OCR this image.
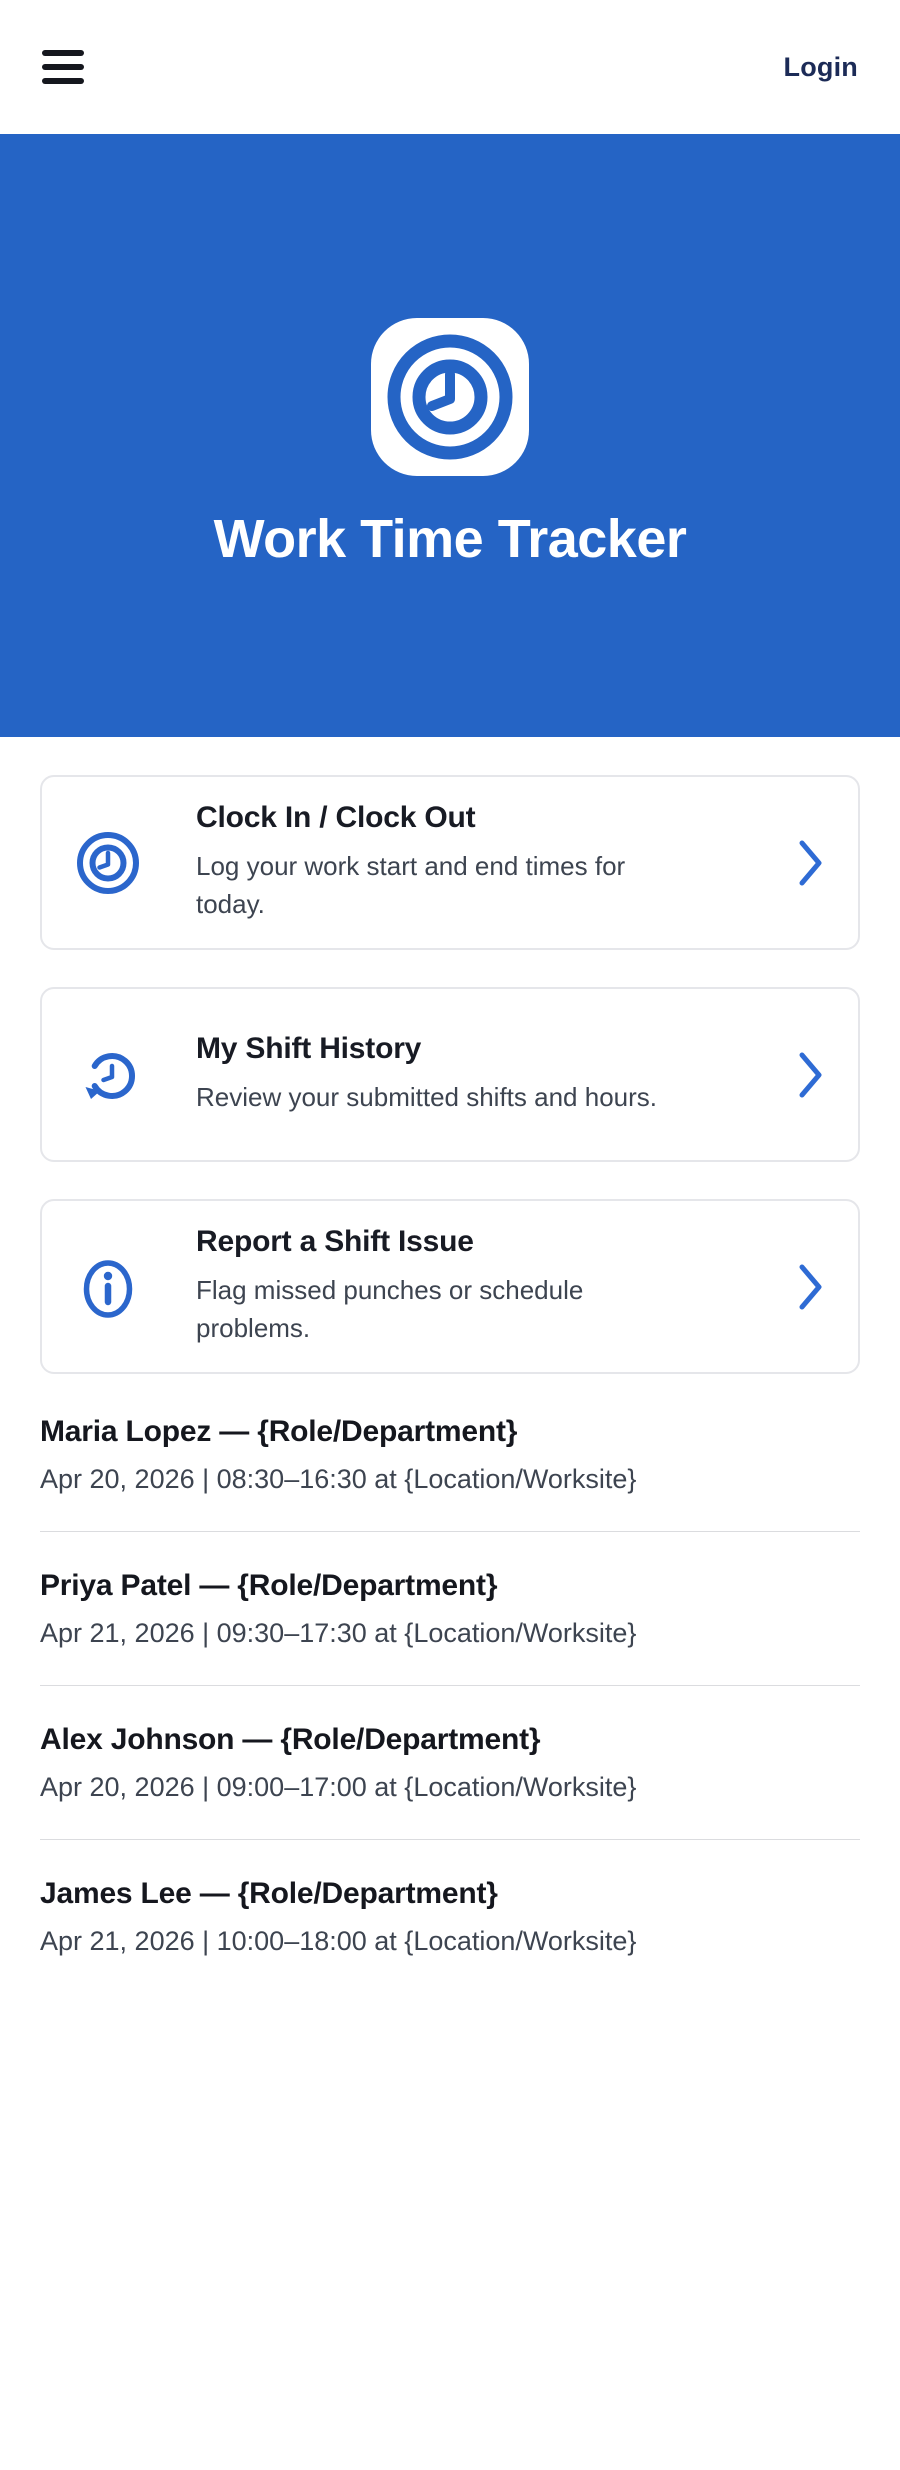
Login
Work Time Tracker
Clock In / Clock Out
Log your work start and end times for today.
My Shift History
Review your submitted shifts and hours.
Report a Shift Issue
Flag missed punches or schedule problems.
Maria Lopez — {Role/Department}
Apr 20, 2026 | 08:30–16:30 at {Location/Worksite}
Priya Patel — {Role/Department}
Apr 21, 2026 | 09:30–17:30 at {Location/Worksite}
Alex Johnson — {Role/Department}
Apr 20, 2026 | 09:00–17:00 at {Location/Worksite}
James Lee — {Role/Department}
Apr 21, 2026 | 10:00–18:00 at {Location/Worksite}
